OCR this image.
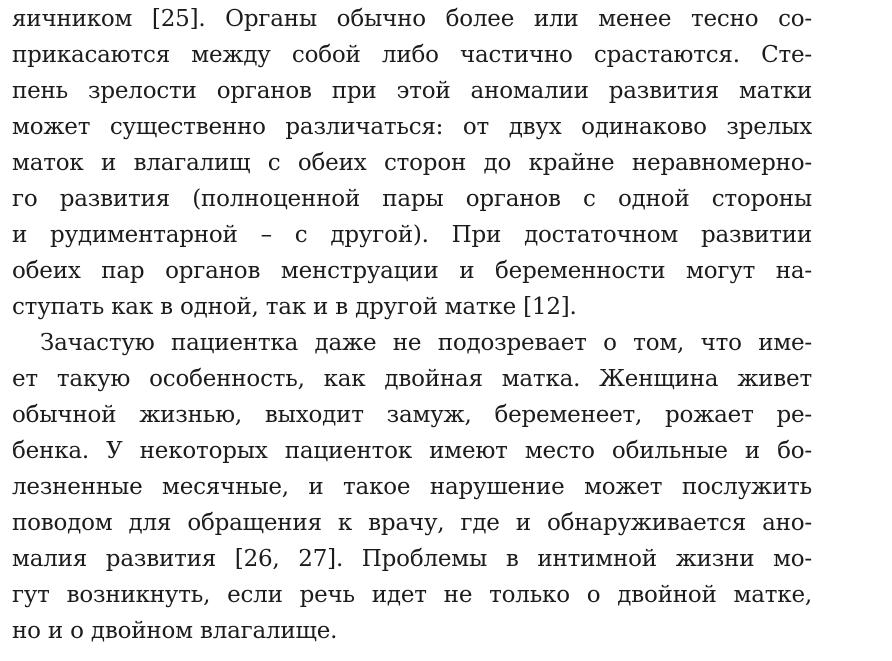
яичником [25]. Органы обычно более или менее тесно со-
прикасаются между собой либо частично срастаются. Сте-
пень зрелости органов при этой аномалии развития матки
может существенно различаться: от двух одинаково зрелых
маток и влагалищ с обеих сторон до крайне неравномерно-
го развития (полноценной пары органов с одной стороны
и рудиментарной – с другой). При достаточном развитии
обеих пар органов менструации и беременности могут на-
ступать как в одной, так и в другой матке [12].
Зачастую пациентка даже не подозревает о том, что име-
ет такую особенность, как двойная матка. Женщина живет
обычной жизнью, выходит замуж, беременеет, рожает ре-
бенка. У некоторых пациенток имеют место обильные и бо-
лезненные месячные, и такое нарушение может послужить
поводом для обращения к врачу, где и обнаруживается ано-
малия развития [26, 27]. Проблемы в интимной жизни мо-
гут возникнуть, если речь идет не только о двойной матке,
но и о двойном влагалище.
